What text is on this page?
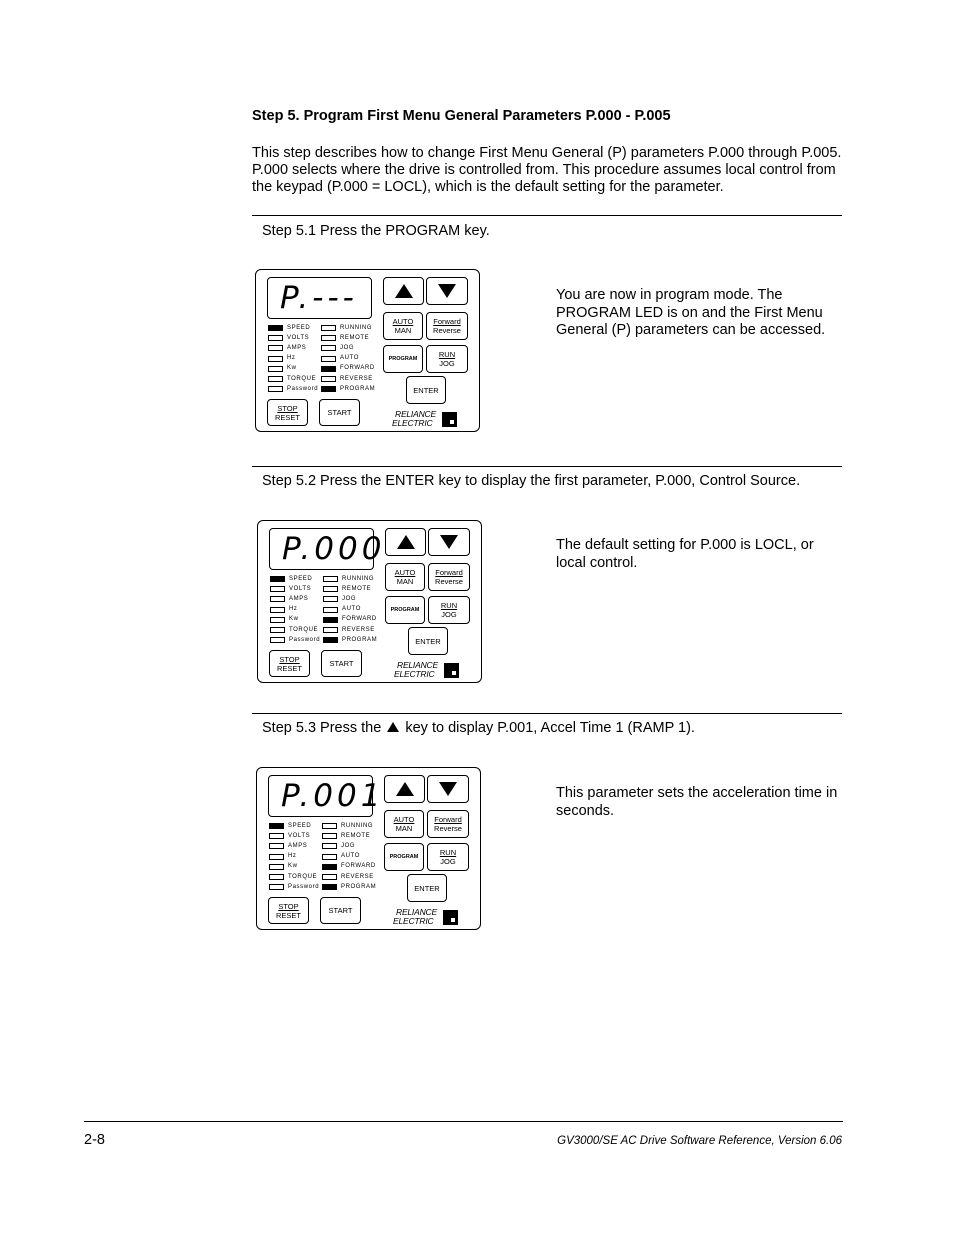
Step 5. Program First Menu General Parameters P.000 - P.005
This step describes how to change First Menu General (P) parameters P.000 through P.005. P.000 selects where the drive is controlled from. This procedure assumes local control from the keypad (P.000 = LOCL), which is the default setting for the parameter.
Step 5.1 Press the PROGRAM key.
P.---
AUTO
MAN
Forward
Reverse
PROGRAM	RUN
JOG
ENTER
STOP
RESET	START
SPEED	RUNNING
VOLTS	REMOTE
AMPS	JOG
Hz	AUTO
Kw	FORWARD
TORQUE	REVERSE
Password	PROGRAM
RELIANCE
ELECTRIC
You are now in program mode. The PROGRAM LED is on and the First Menu General (P) parameters can be accessed.
Step 5.2 Press the ENTER key to display the first parameter, P.000, Control Source.
P.000
AUTO
MAN
Forward
Reverse
PROGRAM	RUN
JOG
ENTER
STOP
RESET	START
SPEED	RUNNING
VOLTS	REMOTE
AMPS	JOG
Hz	AUTO
Kw	FORWARD
TORQUE	REVERSE
Password	PROGRAM
RELIANCE
ELECTRIC
The default setting for P.000 is LOCL, or local control.
Step 5.3 Press the key to display P.001, Accel Time 1 (RAMP 1).
P.001
AUTO
MAN
Forward
Reverse
PROGRAM	RUN
JOG
ENTER
STOP
RESET	START
SPEED	RUNNING
VOLTS	REMOTE
AMPS	JOG
Hz	AUTO
Kw	FORWARD
TORQUE	REVERSE
Password	PROGRAM
RELIANCE
ELECTRIC
This parameter sets the acceleration time in seconds.
2-8	GV3000/SE AC Drive Software Reference, Version 6.06
